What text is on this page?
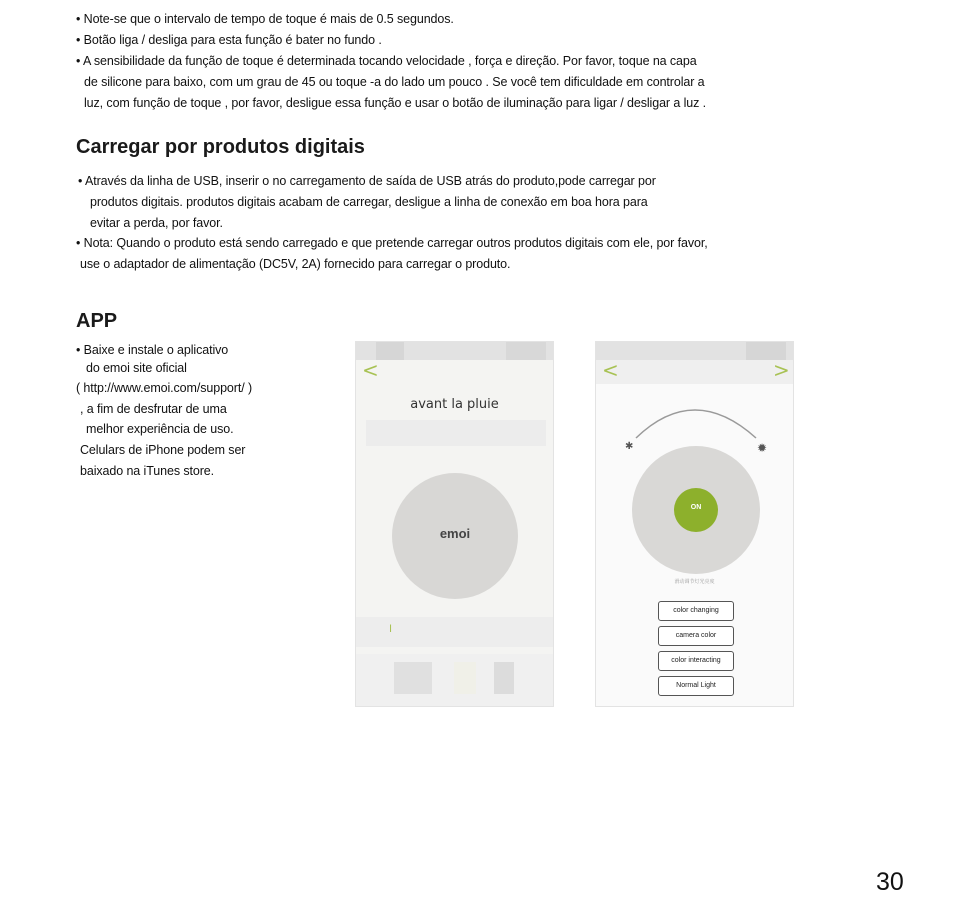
• Note-se que o intervalo de tempo de toque é mais de 0.5 segundos.
• Botão liga / desliga para esta função é bater no fundo .
• A sensibilidade da função de toque é determinada tocando velocidade , força e direção. Por favor, toque na capa
de silicone para baixo, com um grau de 45 ou toque -a do lado um pouco . Se você tem dificuldade em controlar a
luz, com função de toque , por favor, desligue essa função e usar o botão de iluminação para ligar / desligar a luz .
Carregar por produtos digitais
• Através da linha de USB, inserir o no carregamento de saída de USB atrás do produto,pode carregar por
produtos digitais. produtos digitais acabam de carregar, desligue a linha de conexão em boa hora para
evitar a perda, por favor.
• Nota: Quando o produto está sendo carregado e que pretende carregar outros produtos digitais com ele, por favor,
use o adaptador de alimentação (DC5V, 2A) fornecido para carregar o produto.
APP
• Baixe e instale o aplicativo
do emoi site oficial
( http://www.emoi.com/support/ )
, a fim de desfrutar de uma
melhor experiência de uso.
Celulars de iPhone podem ser
baixado na iTunes store.
<
avant la pluie
emoi
I
<	>
✱	✹
ON
滑动调节灯光亮度
color changing
camera color
color interacting
Normal Light
30
